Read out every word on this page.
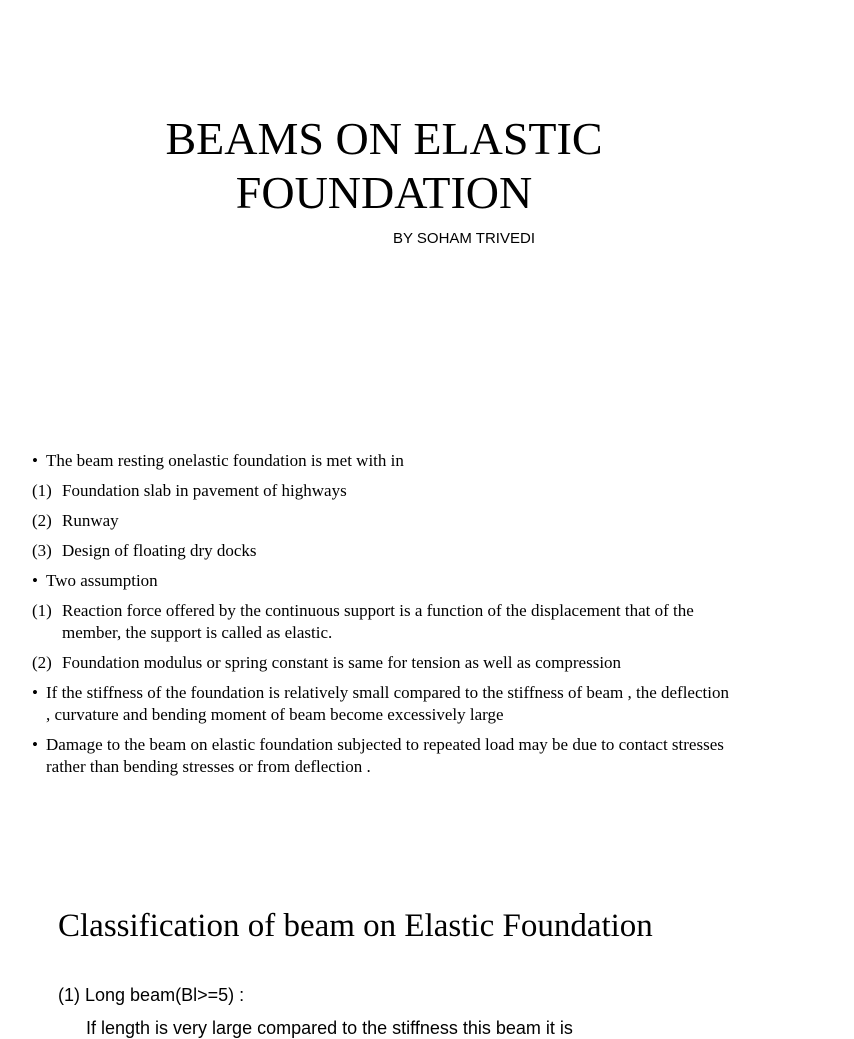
BEAMS ON ELASTIC
FOUNDATION
BY SOHAM TRIVEDI
• The beam resting onelastic foundation is met with in
(1) Foundation slab in pavement of highways
(2) Runway
(3) Design of floating dry docks
• Two assumption
(1) Reaction force offered by the continuous support is a function of the displacement that of the member, the support is called as elastic.
(2) Foundation modulus or spring constant is same for tension as well as compression
• If the stiffness of the foundation is relatively small compared to the stiffness of beam , the deflection , curvature and bending moment of beam become excessively large
• Damage to the beam on elastic foundation subjected to repeated load may be due to contact stresses rather than bending stresses or from deflection .
Classification of beam on Elastic Foundation
(1) Long beam(Bl>=5) :
If length is very large compared to the stiffness this beam it is
